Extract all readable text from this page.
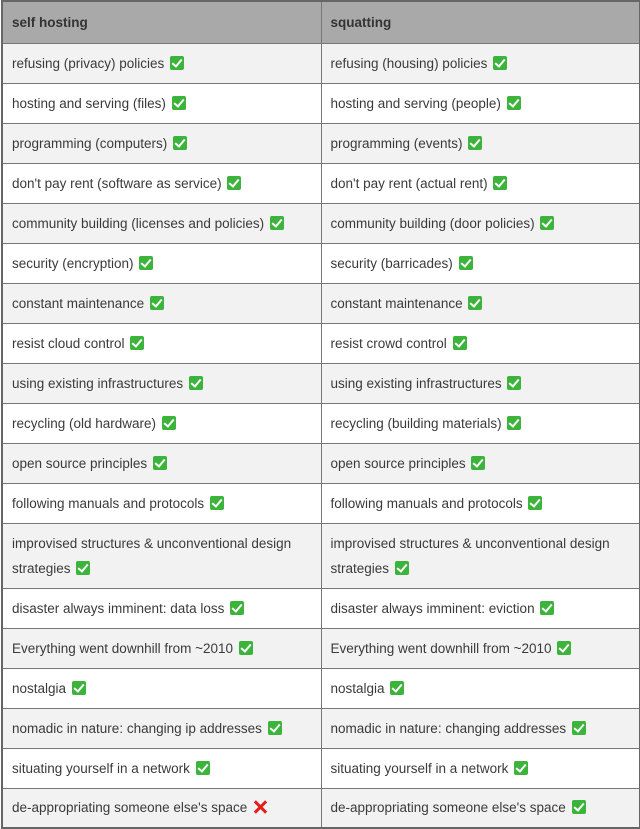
self hosting	squatting
refusing (privacy) policies	refusing (housing) policies
hosting and serving (files)	hosting and serving (people)
programming (computers)	programming (events)
don't pay rent (software as service)	don't pay rent (actual rent)
community building (licenses and policies)	community building (door policies)
security (encryption)	security (barricades)
constant maintenance	constant maintenance
resist cloud control	resist crowd control
using existing infrastructures	using existing infrastructures
recycling (old hardware)	recycling (building materials)
open source principles	open source principles
following manuals and protocols	following manuals and protocols
improvised structures & unconventional design strategies	improvised structures & unconventional design strategies
disaster always imminent: data loss	disaster always imminent: eviction
Everything went downhill from ~2010	Everything went downhill from ~2010
nostalgia	nostalgia
nomadic in nature: changing ip addresses	nomadic in nature: changing addresses
situating yourself in a network	situating yourself in a network
de-appropriating someone else's space	de-appropriating someone else's space
